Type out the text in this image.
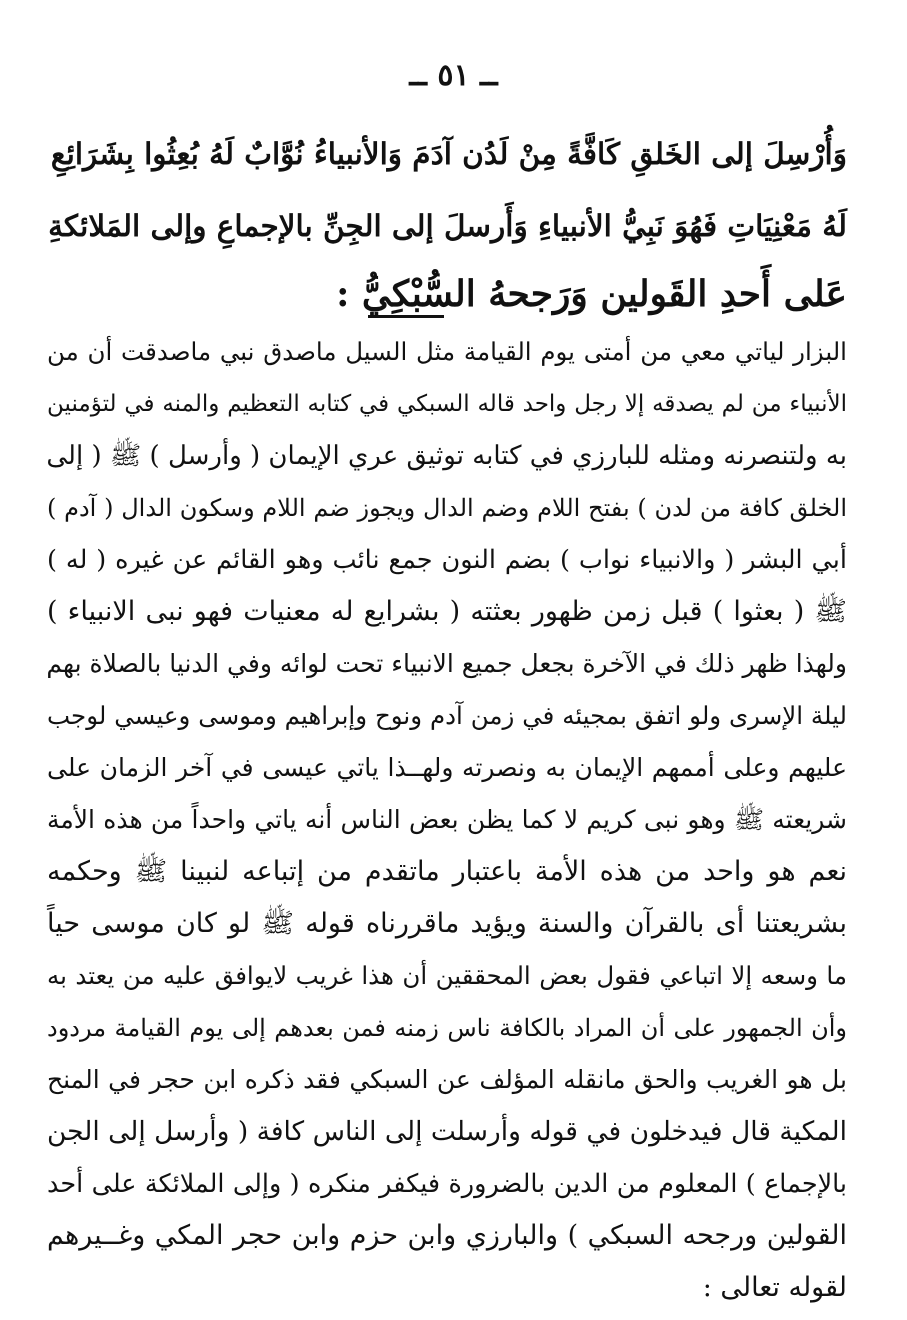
ــ ٥١ ــ
وَأُرْسِلَ إلى الخَلقِ كَافَّةً مِنْ لَدُن آدَمَ وَالأنبياءُ نُوَّابٌ لَهُ بُعِثُوا بِشَرَائِعِ
لَهُ مَعْنِيَاتِ فَهُوَ نَبِيُّ الأنبياءِ وَأَرسلَ إلى الجِنِّ بالإجماعِ وإلى المَلائكةِ
عَلى أَحدِ القَولين وَرَجحهُ السُّبْكِيُّ :
البزار لياتي معي من أمتى يوم القيامة مثل السيل ماصدق نبي ماصدقت أن من
الأنبياء من لم يصدقه إلا رجل واحد قاله السبكي في كتابه التعظيم والمنه في لتؤمنين
به ولتنصرنه ومثله للبارزي في كتابه توثيق عري الإيمان ( وأرسل ) ﷺ ( إلى
الخلق كافة من لدن ) بفتح اللام وضم الدال ويجوز ضم اللام وسكون الدال ( آدم )
أبي البشر ( والانبياء نواب ) بضم النون جمع نائب وهو القائم عن غيره ( له )
ﷺ ( بعثوا ) قبل زمن ظهور بعثته ( بشرايع له معنيات فهو نبى الانبياء )
ولهذا ظهر ذلك في الآخرة بجعل جميع الانبياء تحت لوائه وفي الدنيا بالصلاة بهم
ليلة الإسرى ولو اتفق بمجيئه في زمن آدم ونوح وإبراهيم وموسى وعيسي لوجب
عليهم وعلى أممهم الإيمان به ونصرته ولهــذا ياتي عيسى في آخر الزمان على
شريعته ﷺ وهو نبى كريم لا كما يظن بعض الناس أنه ياتي واحداً من هذه الأمة
نعم هو واحد من هذه الأمة باعتبار ماتقدم من إتباعه لنبينا ﷺ وحكمه
بشريعتنا أى بالقرآن والسنة ويؤيد ماقررناه قوله ﷺ لو كان موسى حياً
ما وسعه إلا اتباعي فقول بعض المحققين أن هذا غريب لايوافق عليه من يعتد به
وأن الجمهور على أن المراد بالكافة ناس زمنه فمن بعدهم إلى يوم القيامة مردود
بل هو الغريب والحق مانقله المؤلف عن السبكي فقد ذكره ابن حجر في المنح
المكية قال فيدخلون في قوله وأرسلت إلى الناس كافة ( وأرسل إلى الجن
بالإجماع ) المعلوم من الدين بالضرورة فيكفر منكره ( وإلى الملائكة على أحد
القولين ورجحه السبكي ) والبارزي وابن حزم وابن حجر المكي وغــيرهم
لقوله تعالى :
